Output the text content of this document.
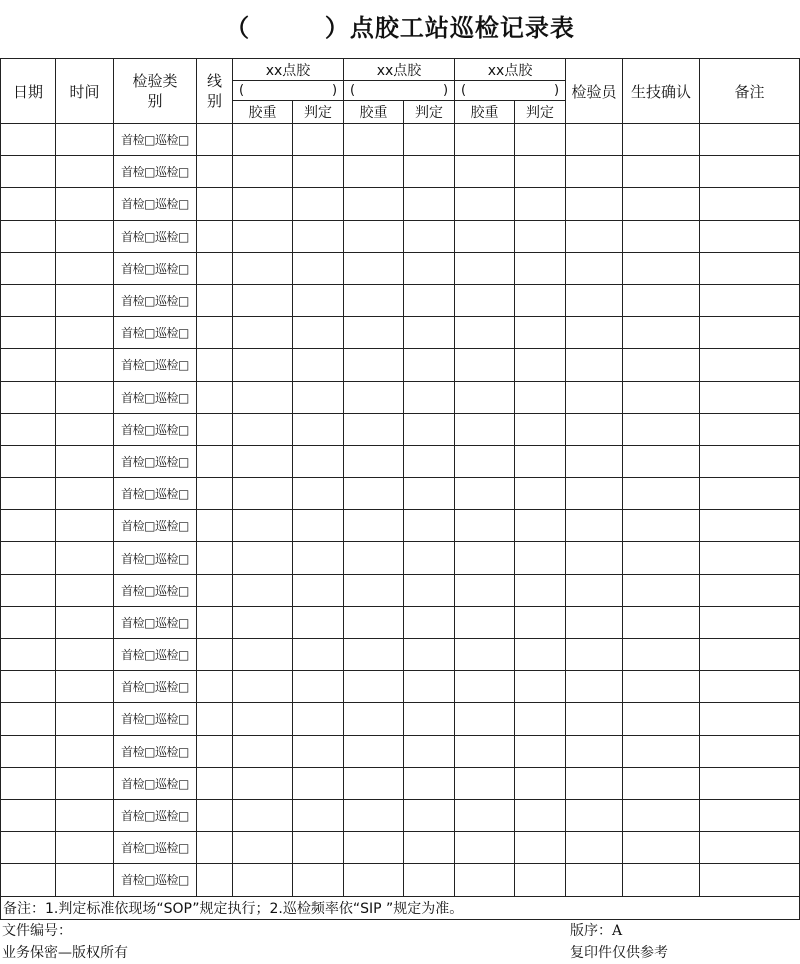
（        ）点胶工站巡检记录表
日期	时间	检验类别	线别	xx点胶		xx点胶		xx点胶		检验员	生技确认	备注

				( )		( )		( )				

				胶重	判定	胶重	判定	胶重	判定			
		首检□巡检□										
		首检□巡检□										
		首检□巡检□										
		首检□巡检□										
		首检□巡检□										
		首检□巡检□										
		首检□巡检□										
		首检□巡检□										
		首检□巡检□										
		首检□巡检□										
		首检□巡检□										
		首检□巡检□										
		首检□巡检□										
		首检□巡检□										
		首检□巡检□										
		首检□巡检□										
		首检□巡检□										
		首检□巡检□										
		首检□巡检□										
		首检□巡检□										
		首检□巡检□										
		首检□巡检□										
		首检□巡检□										
		首检□巡检□										
备注：1.判定标准依现场“SOP”规定执行；2.巡检频率依“SIP ”规定为准。												
文件编号：	版序：A
业务保密—版权所有	复印件仅供参考
